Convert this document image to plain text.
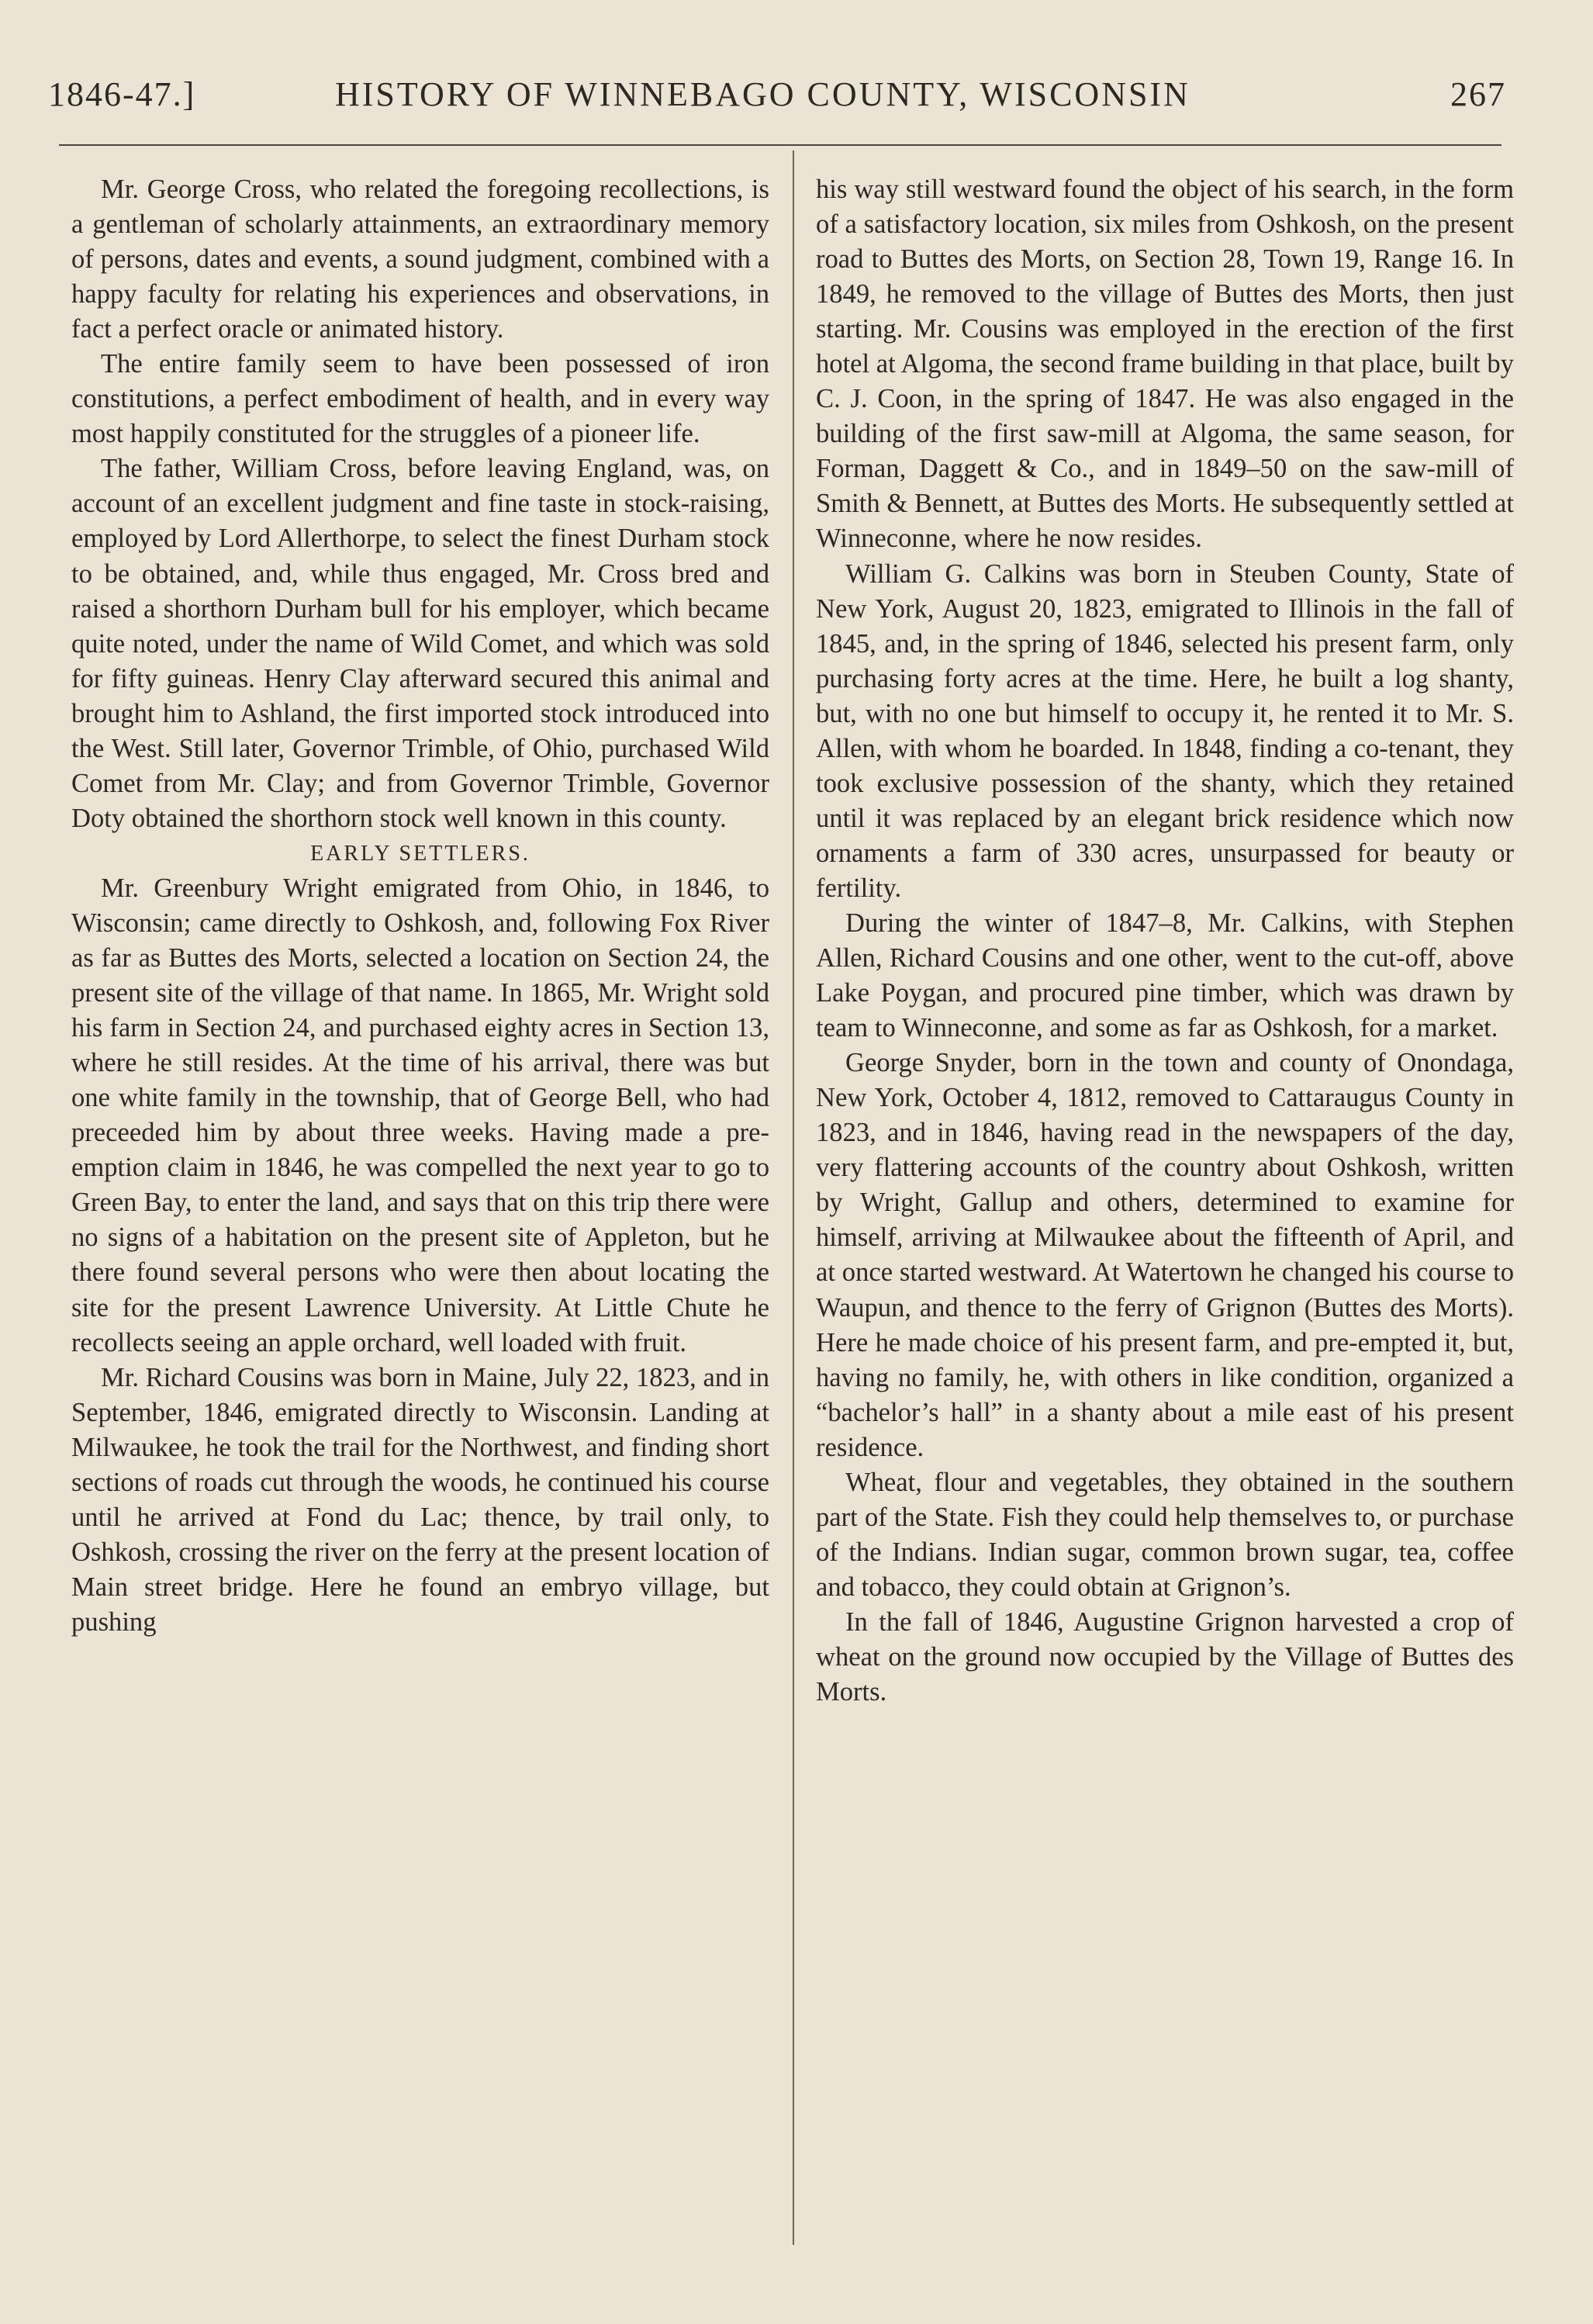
1846-47.]	HISTORY OF WINNEBAGO COUNTY, WISCONSIN	267

Mr. George Cross, who related the foregoing recollections, is a gentleman of scholarly attainments, an extraordinary memory of persons, dates and events, a sound judgment, combined with a happy faculty for relating his experiences and observations, in fact a perfect oracle or animated history.

The entire family seem to have been possessed of iron constitutions, a perfect embodiment of health, and in every way most happily constituted for the struggles of a pioneer life.

The father, William Cross, before leaving England, was, on account of an excellent judgment and fine taste in stock-raising, employed by Lord Allerthorpe, to select the finest Durham stock to be obtained, and, while thus engaged, Mr. Cross bred and raised a shorthorn Durham bull for his employer, which became quite noted, under the name of Wild Comet, and which was sold for fifty guineas. Henry Clay afterward secured this animal and brought him to Ashland, the first imported stock introduced into the West. Still later, Governor Trimble, of Ohio, purchased Wild Comet from Mr. Clay; and from Governor Trimble, Governor Doty obtained the shorthorn stock well known in this county.

EARLY SETTLERS.

Mr. Greenbury Wright emigrated from Ohio, in 1846, to Wisconsin; came directly to Oshkosh, and, following Fox River as far as Buttes des Morts, selected a location on Section 24, the present site of the village of that name. In 1865, Mr. Wright sold his farm in Section 24, and purchased eighty acres in Section 13, where he still resides. At the time of his arrival, there was but one white family in the township, that of George Bell, who had preceeded him by about three weeks. Having made a pre-emption claim in 1846, he was compelled the next year to go to Green Bay, to enter the land, and says that on this trip there were no signs of a habitation on the present site of Appleton, but he there found several persons who were then about locating the site for the present Lawrence University. At Little Chute he recollects seeing an apple orchard, well loaded with fruit.

Mr. Richard Cousins was born in Maine, July 22, 1823, and in September, 1846, emigrated directly to Wisconsin. Landing at Milwaukee, he took the trail for the Northwest, and finding short sections of roads cut through the woods, he continued his course until he arrived at Fond du Lac; thence, by trail only, to Oshkosh, crossing the river on the ferry at the present location of Main street bridge. Here he found an embryo village, but pushing

his way still westward found the object of his search, in the form of a satisfactory location, six miles from Oshkosh, on the present road to Buttes des Morts, on Section 28, Town 19, Range 16. In 1849, he removed to the village of Buttes des Morts, then just starting. Mr. Cousins was employed in the erection of the first hotel at Algoma, the second frame building in that place, built by C. J. Coon, in the spring of 1847. He was also engaged in the building of the first saw-mill at Algoma, the same season, for Forman, Daggett & Co., and in 1849–50 on the saw-mill of Smith & Bennett, at Buttes des Morts. He subsequently settled at Winneconne, where he now resides.

William G. Calkins was born in Steuben County, State of New York, August 20, 1823, emigrated to Illinois in the fall of 1845, and, in the spring of 1846, selected his present farm, only purchasing forty acres at the time. Here, he built a log shanty, but, with no one but himself to occupy it, he rented it to Mr. S. Allen, with whom he boarded. In 1848, finding a co-tenant, they took exclusive possession of the shanty, which they retained until it was replaced by an elegant brick residence which now ornaments a farm of 330 acres, unsurpassed for beauty or fertility.

During the winter of 1847–8, Mr. Calkins, with Stephen Allen, Richard Cousins and one other, went to the cut-off, above Lake Poygan, and procured pine timber, which was drawn by team to Winneconne, and some as far as Oshkosh, for a market.

George Snyder, born in the town and county of Onondaga, New York, October 4, 1812, removed to Cattaraugus County in 1823, and in 1846, having read in the newspapers of the day, very flattering accounts of the country about Oshkosh, written by Wright, Gallup and others, determined to examine for himself, arriving at Milwaukee about the fifteenth of April, and at once started westward. At Watertown he changed his course to Waupun, and thence to the ferry of Grignon (Buttes des Morts). Here he made choice of his present farm, and pre-empted it, but, having no family, he, with others in like condition, organized a “bachelor’s hall” in a shanty about a mile east of his present residence.

Wheat, flour and vegetables, they obtained in the southern part of the State. Fish they could help themselves to, or purchase of the Indians. Indian sugar, common brown sugar, tea, coffee and tobacco, they could obtain at Grignon’s.

In the fall of 1846, Augustine Grignon harvested a crop of wheat on the ground now occupied by the Village of Buttes des Morts.
